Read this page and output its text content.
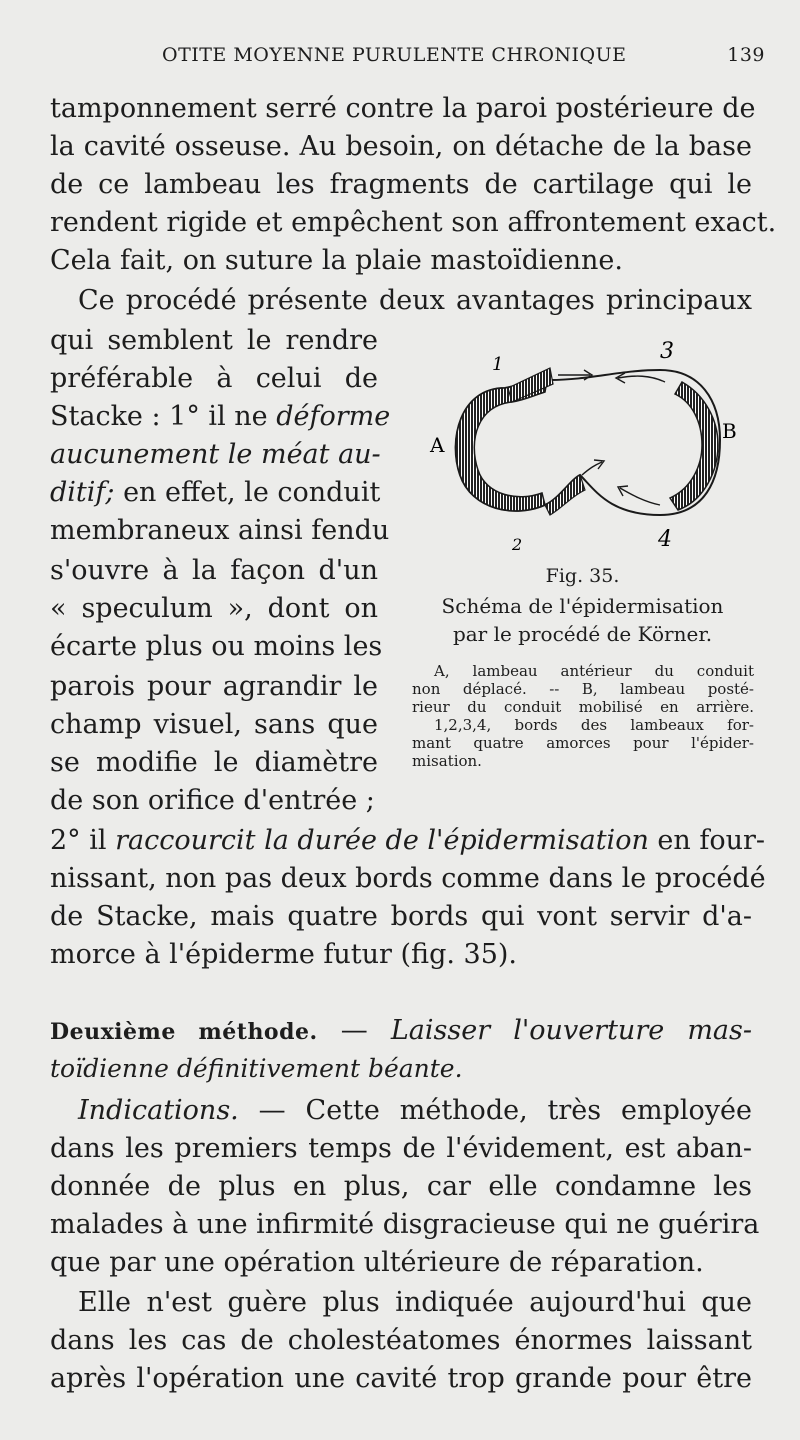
OTITE MOYENNE PURULENTE CHRONIQUE	139
tamponnement serré contre la paroi postérieure de
la cavité osseuse. Au besoin, on détache de la base
de ce lambeau les fragments de cartilage qui le
rendent rigide et empêchent son affrontement exact.
Cela fait, on suture la plaie mastoïdienne.
Ce procédé présente deux avantages principaux
qui semblent le rendre
préférable à celui de
Stacke : 1° il ne déforme
aucunement le méat au-
ditif; en effet, le conduit
membraneux ainsi fendu
s'ouvre à la façon d'un
« speculum », dont on
écarte plus ou moins les
parois pour agrandir le
champ visuel, sans que
se modifie le diamètre
de son orifice d'entrée ;
1
3
A
B
2	4
Fig. 35.
Schéma de l'épidermisation
par le procédé de Körner.
A, lambeau antérieur du conduit
non déplacé. -- B, lambeau posté-
rieur du conduit mobilisé en arrière.
1,2,3,4, bords des lambeaux for-
mant quatre amorces pour l'épider-
misation.
2° il raccourcit la durée de l'épidermisation en four-
nissant, non pas deux bords comme dans le procédé
de Stacke, mais quatre bords qui vont servir d'a-
morce à l'épiderme futur (fig. 35).
Deuxième méthode. — Laisser l'ouverture mas-
toïdienne définitivement béante.
Indications. — Cette méthode, très employée
dans les premiers temps de l'évidement, est aban-
donnée de plus en plus, car elle condamne les
malades à une infirmité disgracieuse qui ne guérira
que par une opération ultérieure de réparation.
Elle n'est guère plus indiquée aujourd'hui que
dans les cas de cholestéatomes énormes laissant
après l'opération une cavité trop grande pour être
